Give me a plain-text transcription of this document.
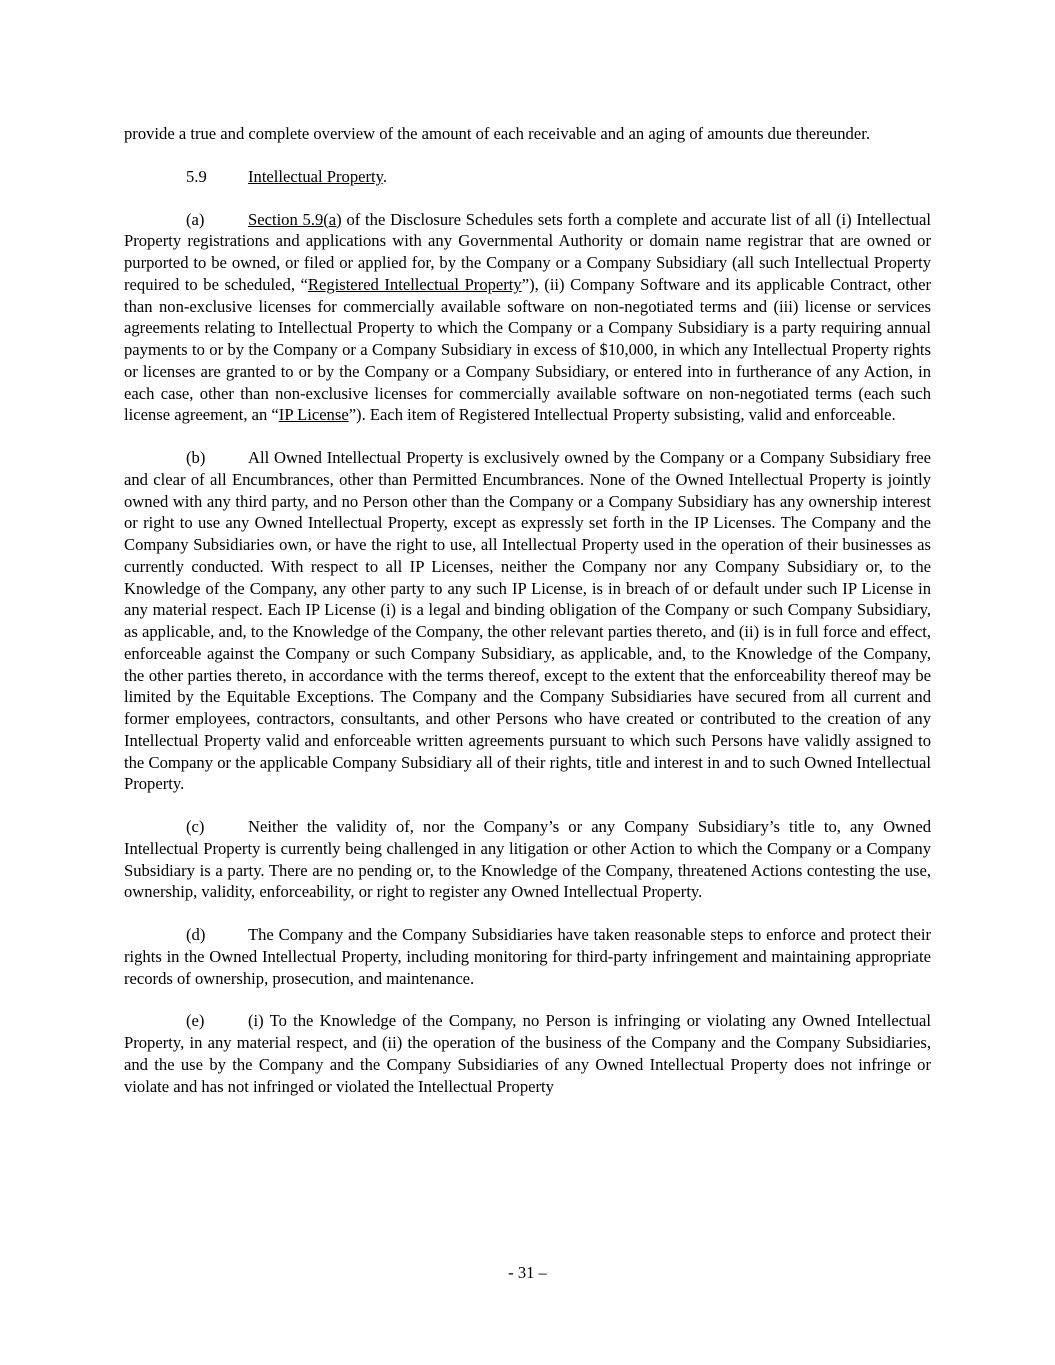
provide a true and complete overview of the amount of each receivable and an aging of amounts due thereunder.

5.9 Intellectual Property.

(a)	Section 5.9(a) of the Disclosure Schedules sets forth a complete and accurate list of all (i) Intellectual Property registrations and applications with any Governmental Authority or domain name registrar that are owned or purported to be owned, or filed or applied for, by the Company or a Company Subsidiary (all such Intellectual Property required to be scheduled, “Registered Intellectual Property”), (ii) Company Software and its applicable Contract, other than non-exclusive licenses for commercially available software on non-negotiated terms and (iii) license or services agreements relating to Intellectual Property to which the Company or a Company Subsidiary is a party requiring annual payments to or by the Company or a Company Subsidiary in excess of $10,000, in which any Intellectual Property rights or licenses are granted to or by the Company or a Company Subsidiary, or entered into in furtherance of any Action, in each case, other than non-exclusive licenses for commercially available software on non-negotiated terms (each such license agreement, an “IP License”). Each item of Registered Intellectual Property subsisting, valid and enforceable.

(b)	All Owned Intellectual Property is exclusively owned by the Company or a Company Subsidiary free and clear of all Encumbrances, other than Permitted Encumbrances. None of the Owned Intellectual Property is jointly owned with any third party, and no Person other than the Company or a Company Subsidiary has any ownership interest or right to use any Owned Intellectual Property, except as expressly set forth in the IP Licenses. The Company and the Company Subsidiaries own, or have the right to use, all Intellectual Property used in the operation of their businesses as currently conducted. With respect to all IP Licenses, neither the Company nor any Company Subsidiary or, to the Knowledge of the Company, any other party to any such IP License, is in breach of or default under such IP License in any material respect. Each IP License (i) is a legal and binding obligation of the Company or such Company Subsidiary, as applicable, and, to the Knowledge of the Company, the other relevant parties thereto, and (ii) is in full force and effect, enforceable against the Company or such Company Subsidiary, as applicable, and, to the Knowledge of the Company, the other parties thereto, in accordance with the terms thereof, except to the extent that the enforceability thereof may be limited by the Equitable Exceptions. The Company and the Company Subsidiaries have secured from all current and former employees, contractors, consultants, and other Persons who have created or contributed to the creation of any Intellectual Property valid and enforceable written agreements pursuant to which such Persons have validly assigned to the Company or the applicable Company Subsidiary all of their rights, title and interest in and to such Owned Intellectual Property.

(c)	Neither the validity of, nor the Company’s or any Company Subsidiary’s title to, any Owned Intellectual Property is currently being challenged in any litigation or other Action to which the Company or a Company Subsidiary is a party. There are no pending or, to the Knowledge of the Company, threatened Actions contesting the use, ownership, validity, enforceability, or right to register any Owned Intellectual Property.

(d)	The Company and the Company Subsidiaries have taken reasonable steps to enforce and protect their rights in the Owned Intellectual Property, including monitoring for third-party infringement and maintaining appropriate records of ownership, prosecution, and maintenance.

(e)	(i) To the Knowledge of the Company, no Person is infringing or violating any Owned Intellectual Property, in any material respect, and (ii) the operation of the business of the Company and the Company Subsidiaries, and the use by the Company and the Company Subsidiaries of any Owned Intellectual Property does not infringe or violate and has not infringed or violated the Intellectual Property

- 31 –
